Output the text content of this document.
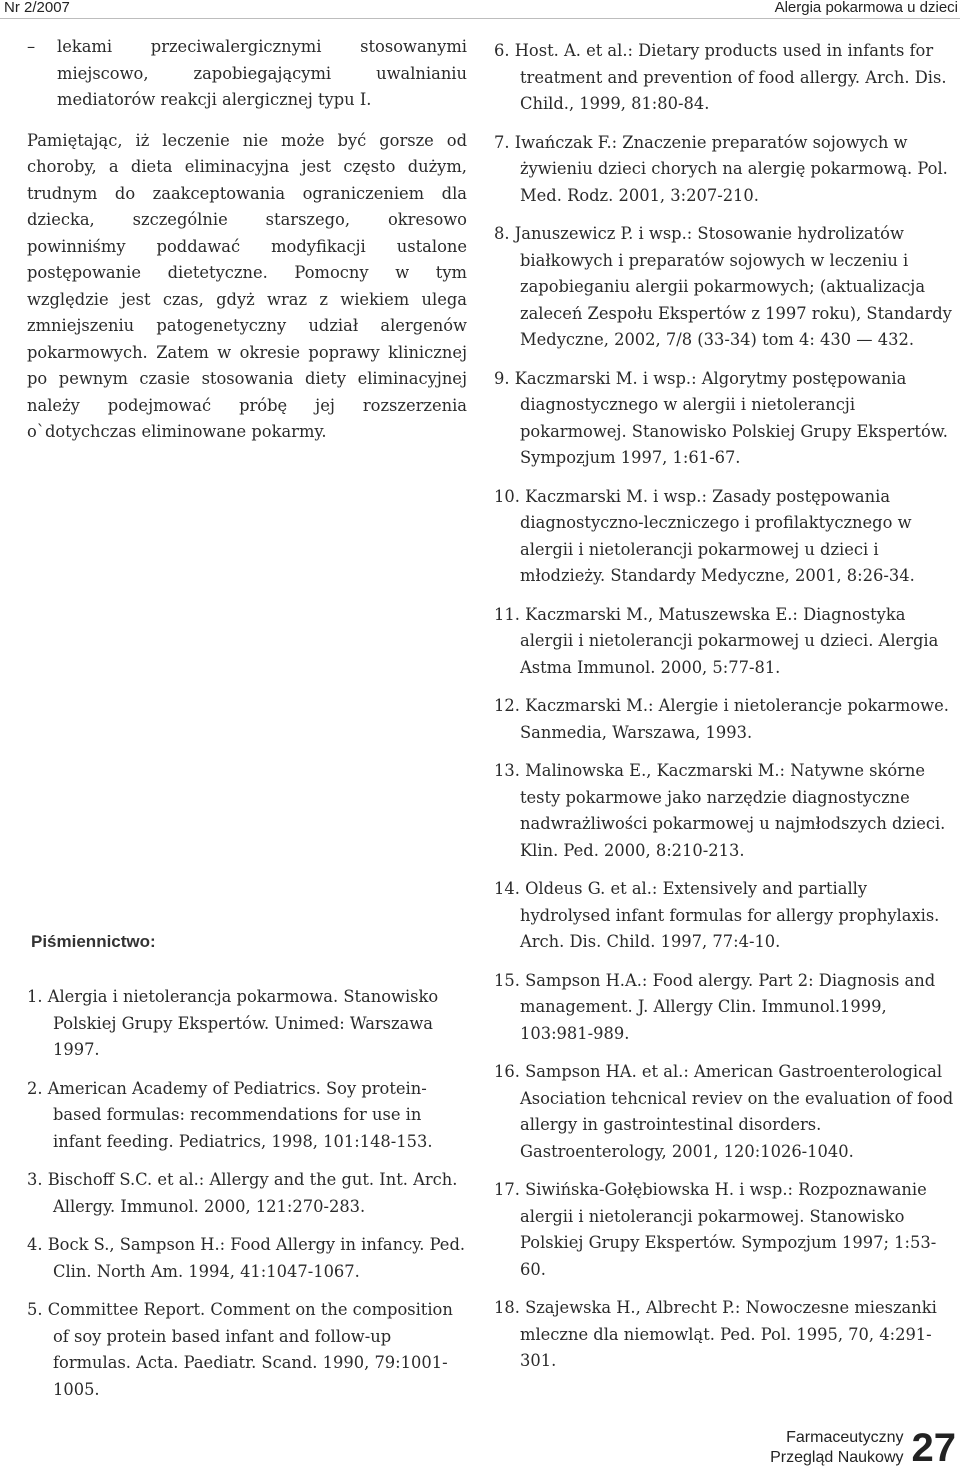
Nr 2/2007	Alergia pokarmowa u dzieci
–	lekami przeciwalergicznymi stosowanymi miejscowo, zapobiegającymi uwalnianiu mediatorów reakcji alergicznej typu I.
Pamiętając, iż leczenie nie może być gorsze od choroby, a dieta eliminacyjna jest często dużym, trudnym do zaakceptowania ograniczeniem dla dziecka, szczególnie starszego, okresowo powinniśmy poddawać modyfikacji ustalone postępowanie dietetyczne. Pomocny w tym względzie jest czas, gdyż wraz z wiekiem ulega zmniejszeniu patogenetyczny udział alergenów pokarmowych. Zatem w okresie poprawy klinicznej po pewnym czasie stosowania diety eliminacyjnej należy podejmować próbę jej rozszerzenia o`dotychczas eliminowane pokarmy.
Piśmiennictwo:
1. Alergia i nietolerancja pokarmowa. Stanowisko Polskiej Grupy Ekspertów. Unimed: Warszawa 1997.
2. American Academy of Pediatrics. Soy protein-based formulas: recommendations for use in infant feeding. Pediatrics, 1998, 101:148-153.
3. Bischoff S.C. et al.: Allergy and the gut. Int. Arch. Allergy. Immunol. 2000, 121:270-283.
4. Bock S., Sampson H.: Food Allergy in infancy. Ped. Clin. North Am. 1994, 41:1047-1067.
5. Committee Report. Comment on the composition of soy protein based infant and follow-up formulas. Acta. Paediatr. Scand. 1990, 79:1001-1005.
6. Host. A. et al.: Dietary products used in infants for treatment and prevention of food allergy. Arch. Dis. Child., 1999, 81:80-84.
7. Iwańczak F.: Znaczenie preparatów sojowych w żywieniu dzieci chorych na alergię pokarmową. Pol. Med. Rodz. 2001, 3:207-210.
8. Januszewicz P. i wsp.: Stosowanie hydrolizatów białkowych i preparatów sojowych w leczeniu i zapobieganiu alergii pokarmowych; (aktualizacja zaleceń Zespołu Ekspertów z 1997 roku), Standardy Medyczne, 2002, 7/8 (33-34) tom 4: 430 — 432.
9. Kaczmarski M. i wsp.: Algorytmy postępowania diagnostycznego w alergii i nietolerancji pokarmowej. Stanowisko Polskiej Grupy Ekspertów. Sympozjum 1997, 1:61-67.
10. Kaczmarski M. i wsp.: Zasady postępowania diagnostyczno-leczniczego i profilaktycznego w alergii i nietolerancji pokarmowej u dzieci i młodzieży. Standardy Medyczne, 2001, 8:26-34.
11. Kaczmarski M., Matuszewska E.: Diagnostyka alergii i nietolerancji pokarmowej u dzieci. Alergia Astma Immunol. 2000, 5:77-81.
12. Kaczmarski M.: Alergie i nietolerancje pokarmowe. Sanmedia, Warszawa, 1993.
13. Malinowska E., Kaczmarski M.: Natywne skórne testy pokarmowe jako narzędzie diagnostyczne nadwrażliwości pokarmowej u najmłodszych dzieci. Klin. Ped. 2000, 8:210-213.
14. Oldeus G. et al.: Extensively and partially hydrolysed infant formulas for allergy prophylaxis. Arch. Dis. Child. 1997, 77:4-10.
15. Sampson H.A.: Food alergy. Part 2: Diagnosis and management. J. Allergy Clin. Immunol.1999, 103:981-989.
16. Sampson HA. et al.: American Gastroenterological Asociation tehcnical reviev on the evaluation of food allergy in gastrointestinal disorders. Gastroenterology, 2001, 120:1026-1040.
17. Siwińska-Gołębiowska H. i wsp.: Rozpoznawanie alergii i nietolerancji pokarmowej. Stanowisko Polskiej Grupy Ekspertów. Sympozjum 1997; 1:53-60.
18. Szajewska H., Albrecht P.: Nowoczesne mieszanki mleczne dla niemowląt. Ped. Pol. 1995, 70, 4:291-301.
Farmaceutyczny
Przegląd Naukowy 27
